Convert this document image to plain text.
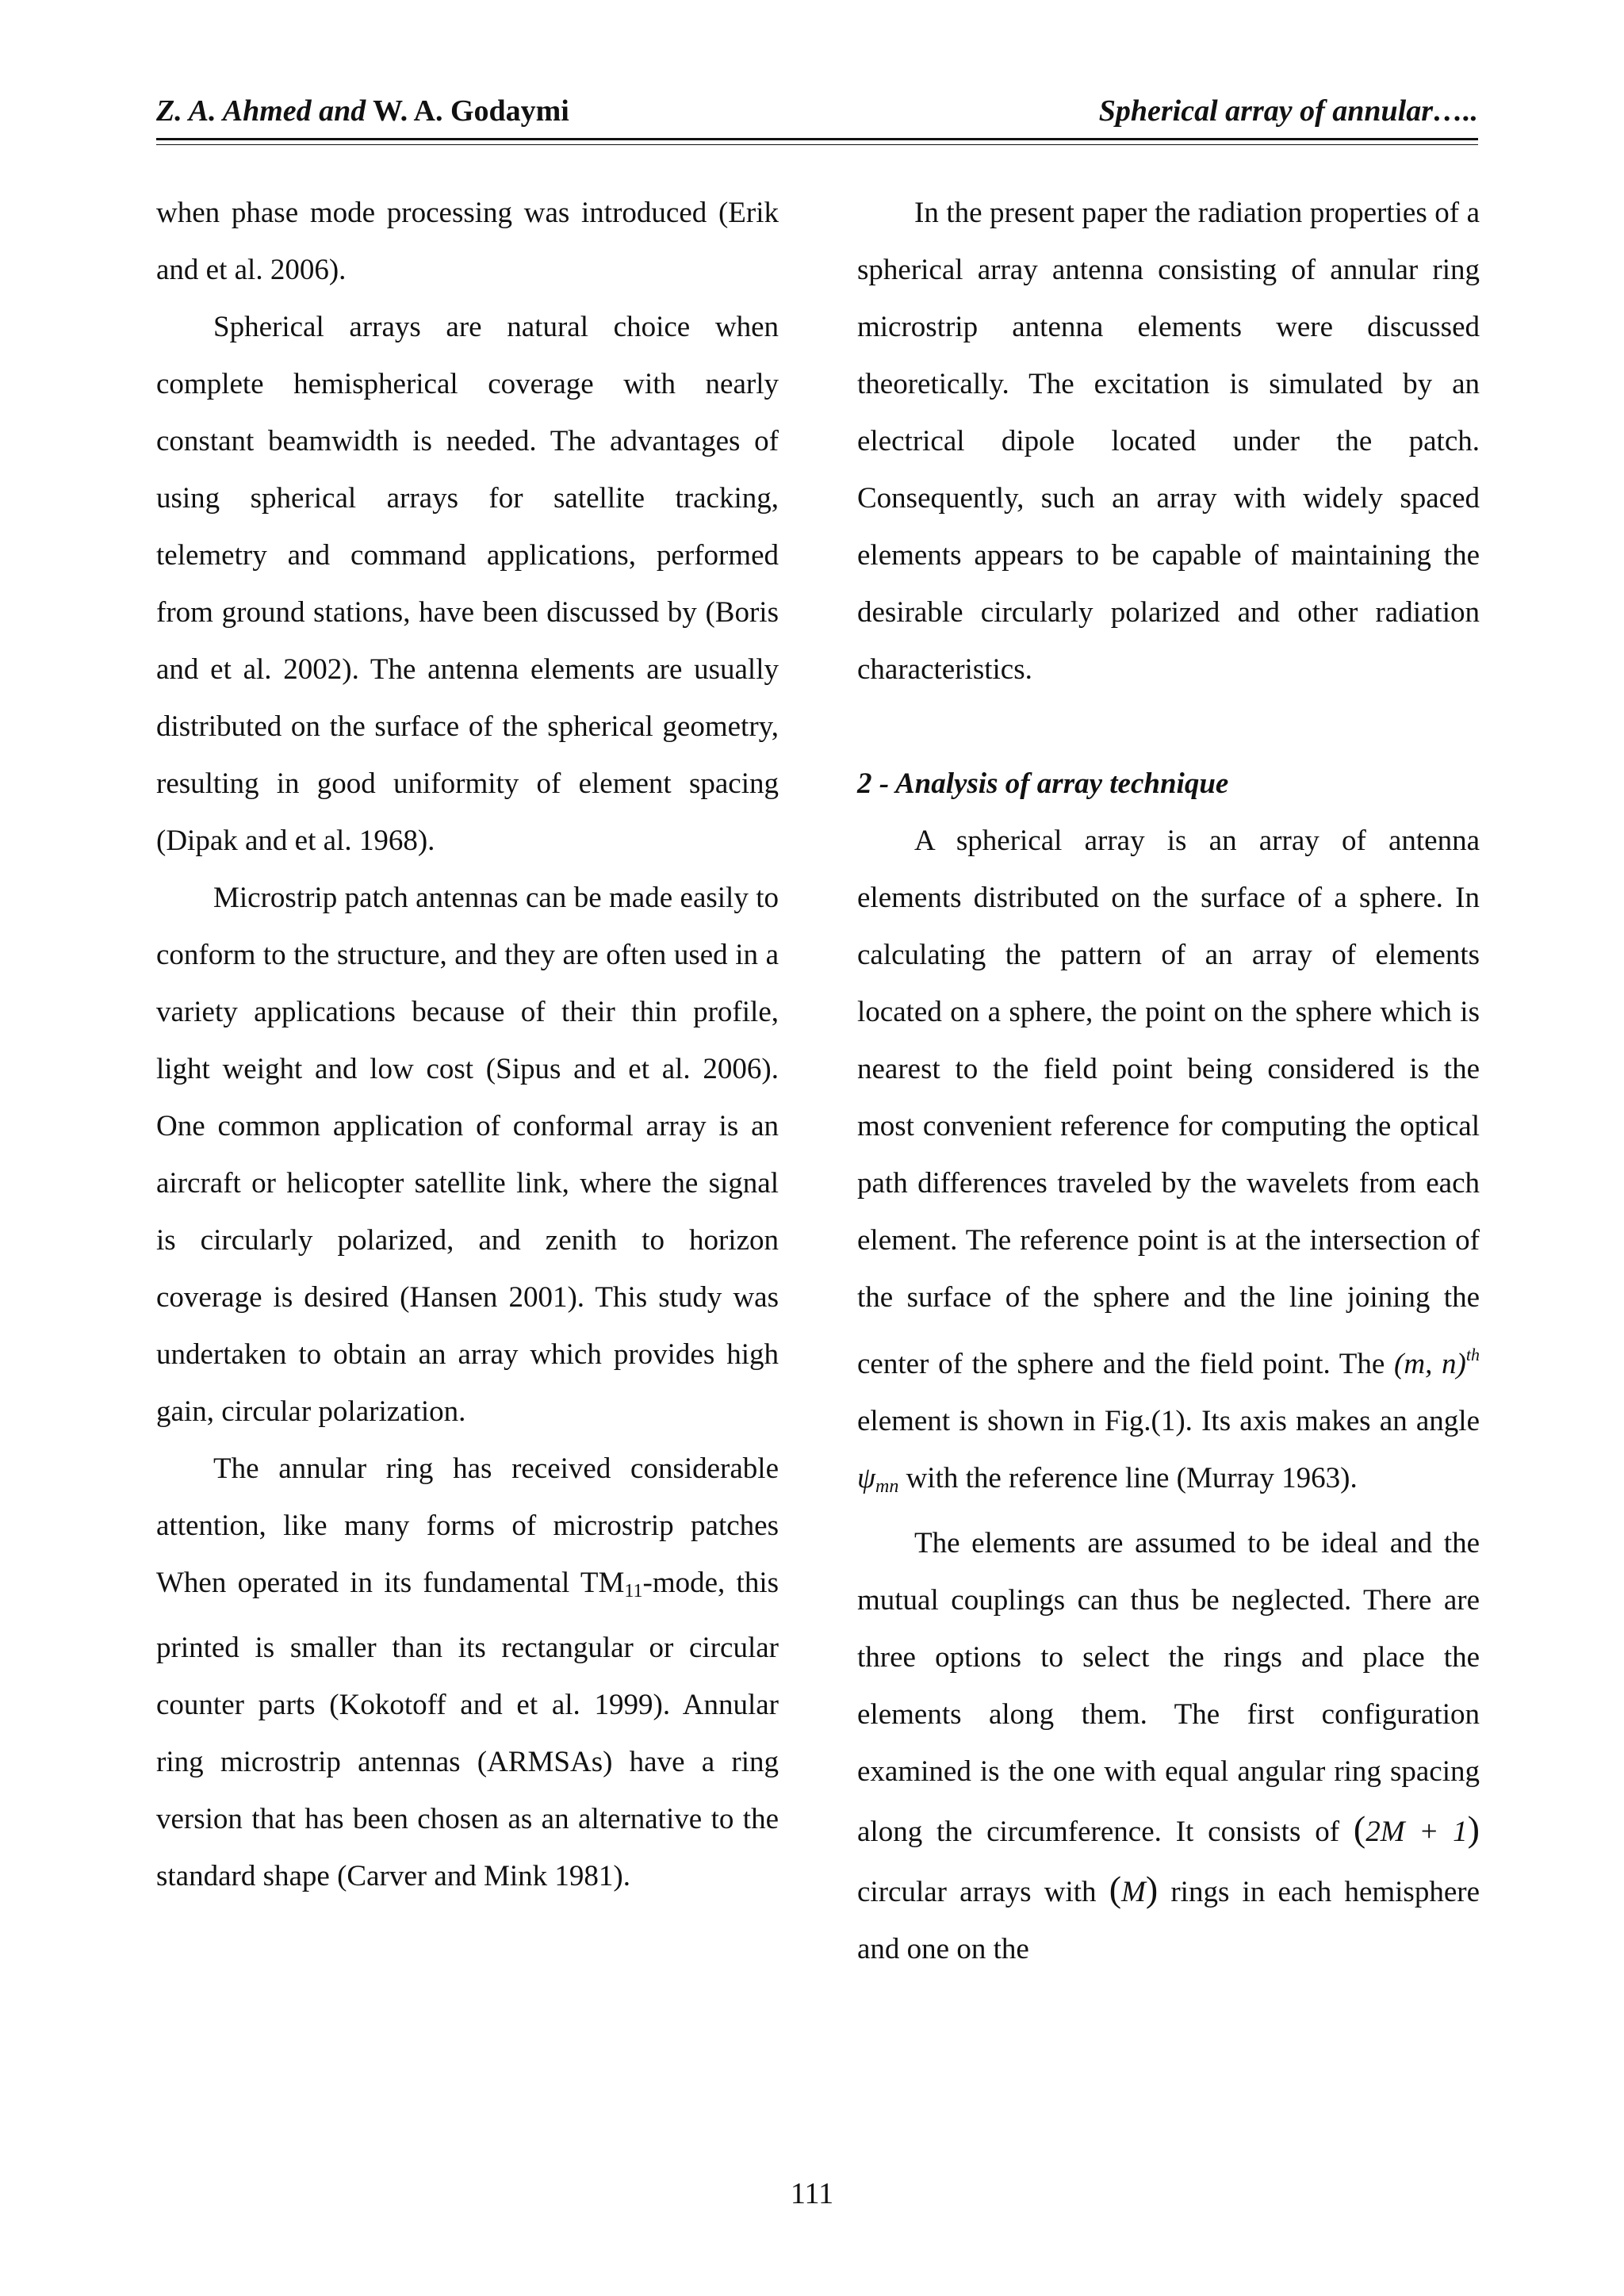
Z. A. Ahmed and W. A. Godaymi	Spherical array of annular…..

when phase mode processing was introduced (Erik and et al. 2006).

Spherical arrays are natural choice when complete hemispherical coverage with nearly constant beamwidth is needed. The advantages of using spherical arrays for satellite tracking, telemetry and command applications, performed from ground stations, have been discussed by (Boris and et al. 2002). The antenna elements are usually distributed on the surface of the spherical geometry, resulting in good uniformity of element spacing (Dipak and et al. 1968).

Microstrip patch antennas can be made easily to conform to the structure, and they are often used in a variety applications because of their thin profile, light weight and low cost (Sipus and et al. 2006). One common application of conformal array is an aircraft or helicopter satellite link, where the signal is circularly polarized, and zenith to horizon coverage is desired (Hansen 2001). This study was undertaken to obtain an array which provides high gain, circular polarization.

The annular ring has received considerable attention, like many forms of microstrip patches When operated in its fundamental $TM_{11}$-mode, this printed is smaller than its rectangular or circular counter parts (Kokotoff and et al. 1999). Annular ring microstrip antennas (ARMSAs) have a ring version that has been chosen as an alternative to the standard shape (Carver and Mink 1981).

In the present paper the radiation properties of a spherical array antenna consisting of annular ring microstrip antenna elements were discussed theoretically. The excitation is simulated by an electrical dipole located under the patch. Consequently, such an array with widely spaced elements appears to be capable of maintaining the desirable circularly polarized and other radiation characteristics.

2 - Analysis of array technique

A spherical array is an array of antenna elements distributed on the surface of a sphere. In calculating the pattern of an array of elements located on a sphere, the point on the sphere which is nearest to the field point being considered is the most convenient reference for computing the optical path differences traveled by the wavelets from each element. The reference point is at the intersection of the surface of the sphere and the line joining the center of the sphere and the field point. The (m, n)$^{th}$ element is shown in Fig.(1). Its axis makes an angle $\psi_{mn}$ with the reference line (Murray 1963).

The elements are assumed to be ideal and the mutual couplings can thus be neglected. There are three options to select the rings and place the elements along them. The first configuration examined is the one with equal angular ring spacing along the circumference. It consists of (2M + 1) circular arrays with (M) rings in each hemisphere and one on the

111
